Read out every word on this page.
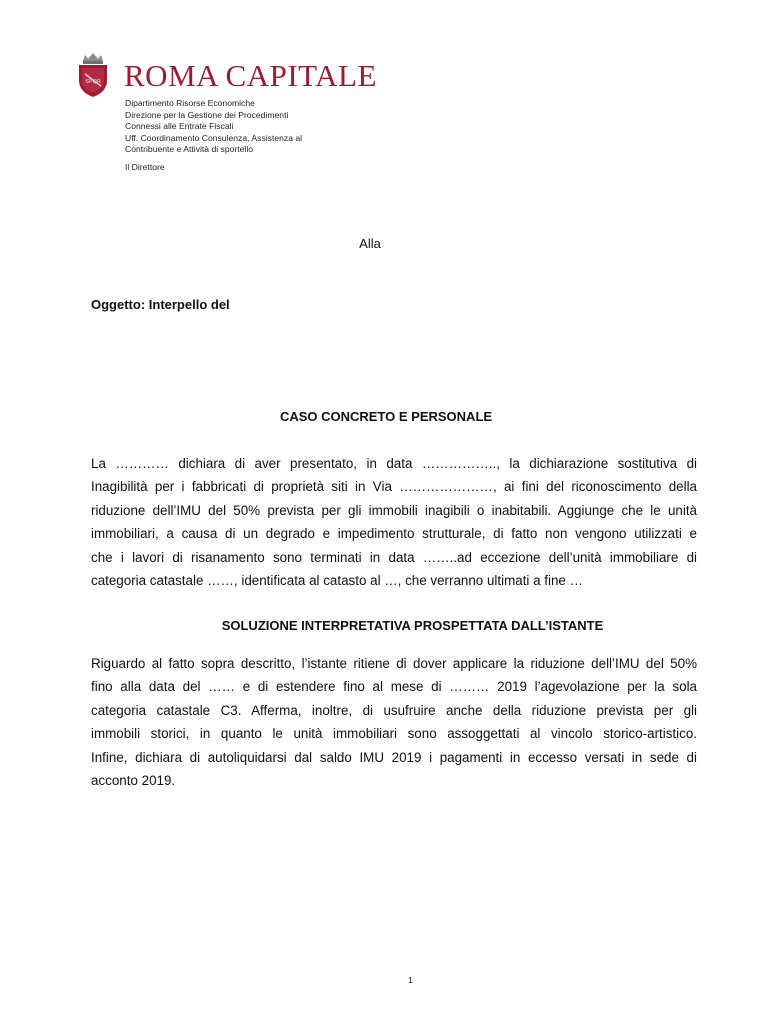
SPQR ROMA CAPITALE
Dipartimento Risorse Economiche
Direzione per la Gestione dei Procedimenti
Connessi alle Entrate Fiscali
Uff. Coordinamento Consulenza, Assistenza al
Contribuente e Attività di sportello
Il Direttore
Alla
Oggetto: Interpello del
CASO CONCRETO E PERSONALE
La ………… dichiara di aver presentato, in data …………….., la dichiarazione sostitutiva di
Inagibilità per i fabbricati di proprietà siti in Via …………………, ai fini del riconoscimento della
riduzione dell’IMU del 50% prevista per gli immobili inagibili o inabitabili. Aggiunge che le unità
immobiliari, a causa di un degrado e impedimento strutturale, di fatto non vengono utilizzati e
che i lavori di risanamento sono terminati in data ……..ad eccezione dell’unità immobiliare di
categoria catastale ……, identificata al catasto al …, che verranno ultimati a fine …
SOLUZIONE INTERPRETATIVA PROSPETTATA DALL’ISTANTE
Riguardo al fatto sopra descritto, l’istante ritiene di dover applicare la riduzione dell’IMU del 50%
fino alla data del …… e di estendere fino al mese di ……… 2019 l’agevolazione per la sola
categoria catastale C3. Afferma, inoltre, di usufruire anche della riduzione prevista per gli
immobili storici, in quanto le unità immobiliari sono assoggettati al vincolo storico-artistico.
Infine, dichiara di autoliquidarsi dal saldo IMU 2019 i pagamenti in eccesso versati in sede di
acconto 2019.
1
